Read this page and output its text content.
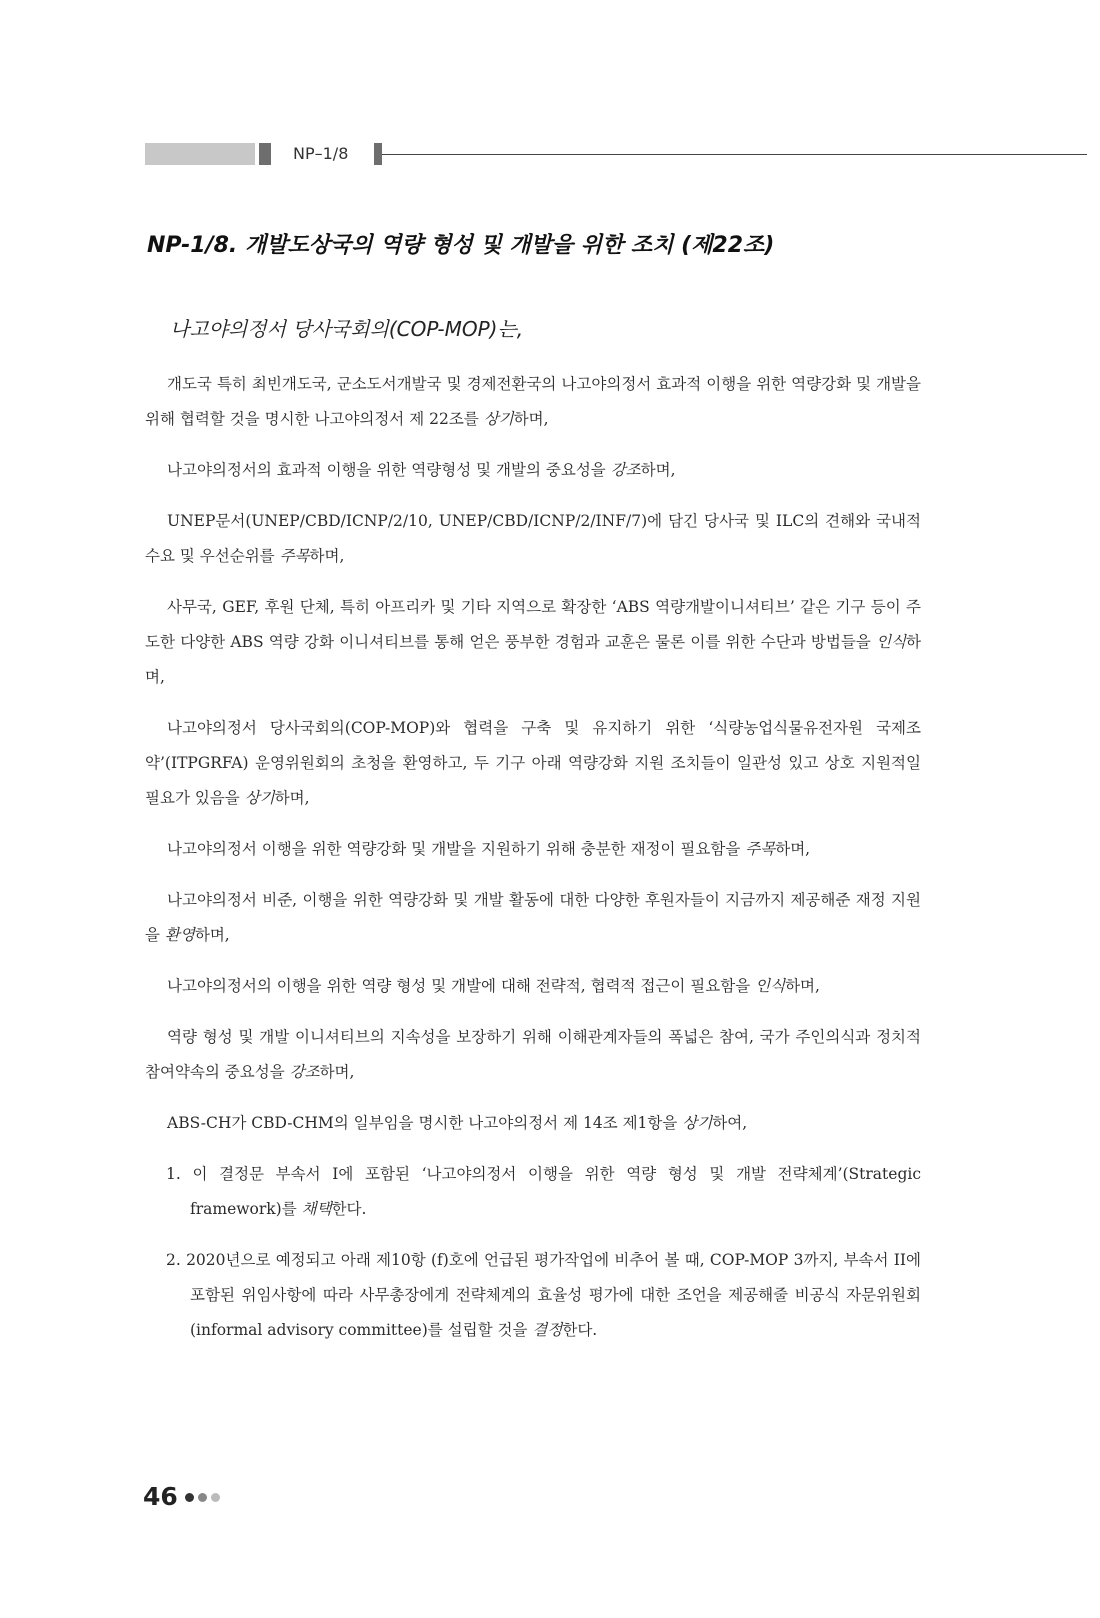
NP–1/8
NP-1/8. 개발도상국의 역량 형성 및 개발을 위한 조치 (제22조)

나고야의정서 당사국회의(COP-MOP)는,

개도국 특히 최빈개도국, 군소도서개발국 및 경제전환국의 나고야의정서 효과적 이행을 위한 역량강화 및 개발을 위해 협력할 것을 명시한 나고야의정서 제 22조를 상기하며,

나고야의정서의 효과적 이행을 위한 역량형성 및 개발의 중요성을 강조하며,

UNEP문서(UNEP/CBD/ICNP/2/10, UNEP/CBD/ICNP/2/INF/7)에 담긴 당사국 및 ILC의 견해와 국내적 수요 및 우선순위를 주목하며,

사무국, GEF, 후원 단체, 특히 아프리카 및 기타 지역으로 확장한 ‘ABS 역량개발이니셔티브’ 같은 기구 등이 주도한 다양한 ABS 역량 강화 이니셔티브를 통해 얻은 풍부한 경험과 교훈은 물론 이를 위한 수단과 방법들을 인식하며,

나고야의정서 당사국회의(COP-MOP)와 협력을 구축 및 유지하기 위한 ‘식량농업식물유전자원 국제조약’(ITPGRFA) 운영위원회의 초청을 환영하고, 두 기구 아래 역량강화 지원 조치들이 일관성 있고 상호 지원적일 필요가 있음을 상기하며,

나고야의정서 이행을 위한 역량강화 및 개발을 지원하기 위해 충분한 재정이 필요함을 주목하며,

나고야의정서 비준, 이행을 위한 역량강화 및 개발 활동에 대한 다양한 후원자들이 지금까지 제공해준 재정 지원을 환영하며,

나고야의정서의 이행을 위한 역량 형성 및 개발에 대해 전략적, 협력적 접근이 필요함을 인식하며,

역량 형성 및 개발 이니셔티브의 지속성을 보장하기 위해 이해관계자들의 폭넓은 참여, 국가 주인의식과 정치적 참여약속의 중요성을 강조하며,

ABS-CH가 CBD-CHM의 일부임을 명시한 나고야의정서 제 14조 제1항을 상기하여,

1. 이 결정문 부속서 I에 포함된 ‘나고야의정서 이행을 위한 역량 형성 및 개발 전략체계’(Strategic framework)를 채택한다.
2. 2020년으로 예정되고 아래 제10항 (f)호에 언급된 평가작업에 비추어 볼 때, COP-MOP 3까지, 부속서 II에 포함된 위임사항에 따라 사무총장에게 전략체계의 효율성 평가에 대한 조언을 제공해줄 비공식 자문위원회(informal advisory committee)를 설립할 것을 결정한다.
46
